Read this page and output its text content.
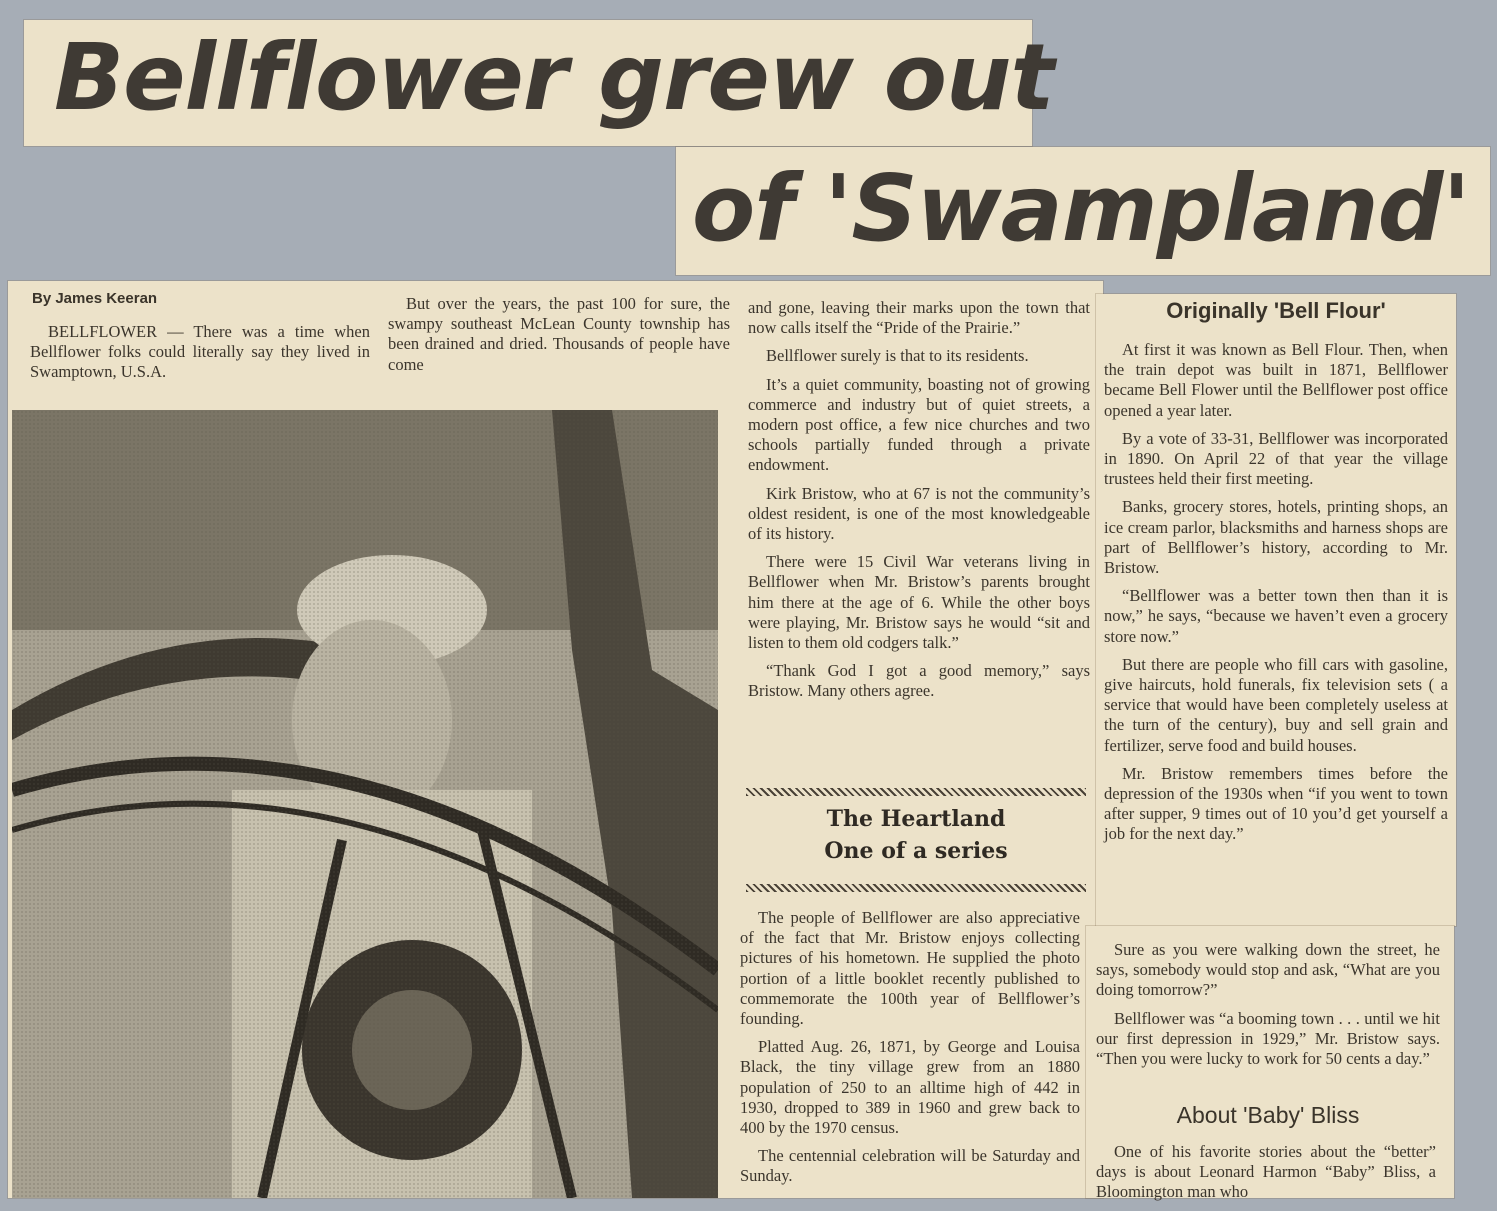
Bellflower grew out
of 'Swampland'
By James Keeran

BELLFLOWER — There was a time when Bellflower folks could literally say they lived in Swamptown, U.S.A.

But over the years, the past 100 for sure, the swampy southeast McLean County township has been drained and dried. Thousands of people have come

and gone, leaving their marks upon the town that now calls itself the “Pride of the Prairie.”

Bellflower surely is that to its residents.

It’s a quiet community, boasting not of growing commerce and industry but of quiet streets, a modern post office, a few nice churches and two schools partially funded through a private endowment.

Kirk Bristow, who at 67 is not the community’s oldest resident, is one of the most knowledgeable of its history.

There were 15 Civil War veterans living in Bellflower when Mr. Bristow’s parents brought him there at the age of 6. While the other boys were playing, Mr. Bristow says he would “sit and listen to them old codgers talk.”

“Thank God I got a good memory,” says Bristow. Many others agree.

The Heartland
One of a series

The people of Bellflower are also appreciative of the fact that Mr. Bristow enjoys collecting pictures of his hometown. He supplied the photo portion of a little booklet recently published to commemorate the 100th year of Bellflower’s founding.

Platted Aug. 26, 1871, by George and Louisa Black, the tiny village grew from an 1880 population of 250 to an alltime high of 442 in 1930, dropped to 389 in 1960 and grew back to 400 by the 1970 census.

The centennial celebration will be Saturday and Sunday.

Originally 'Bell Flour'

At first it was known as Bell Flour. Then, when the train depot was built in 1871, Bellflower became Bell Flower until the Bellflower post office opened a year later.

By a vote of 33-31, Bellflower was incorporated in 1890. On April 22 of that year the village trustees held their first meeting.

Banks, grocery stores, hotels, printing shops, an ice cream parlor, blacksmiths and harness shops are part of Bellflower’s history, according to Mr. Bristow.

“Bellflower was a better town then than it is now,” he says, “because we haven’t even a grocery store now.”

But there are people who fill cars with gasoline, give haircuts, hold funerals, fix television sets ( a service that would have been completely useless at the turn of the century), buy and sell grain and fertilizer, serve food and build houses.

Mr. Bristow remembers times before the depression of the 1930s when “if you went to town after supper, 9 times out of 10 you’d get yourself a job for the next day.”

Sure as you were walking down the street, he says, somebody would stop and ask, “What are you doing tomorrow?”

Bellflower was “a booming town . . . until we hit our first depression in 1929,” Mr. Bristow says. “Then you were lucky to work for 50 cents a day.”

About 'Baby' Bliss

One of his favorite stories about the “better” days is about Leonard Harmon “Baby” Bliss, a Bloomington man who
